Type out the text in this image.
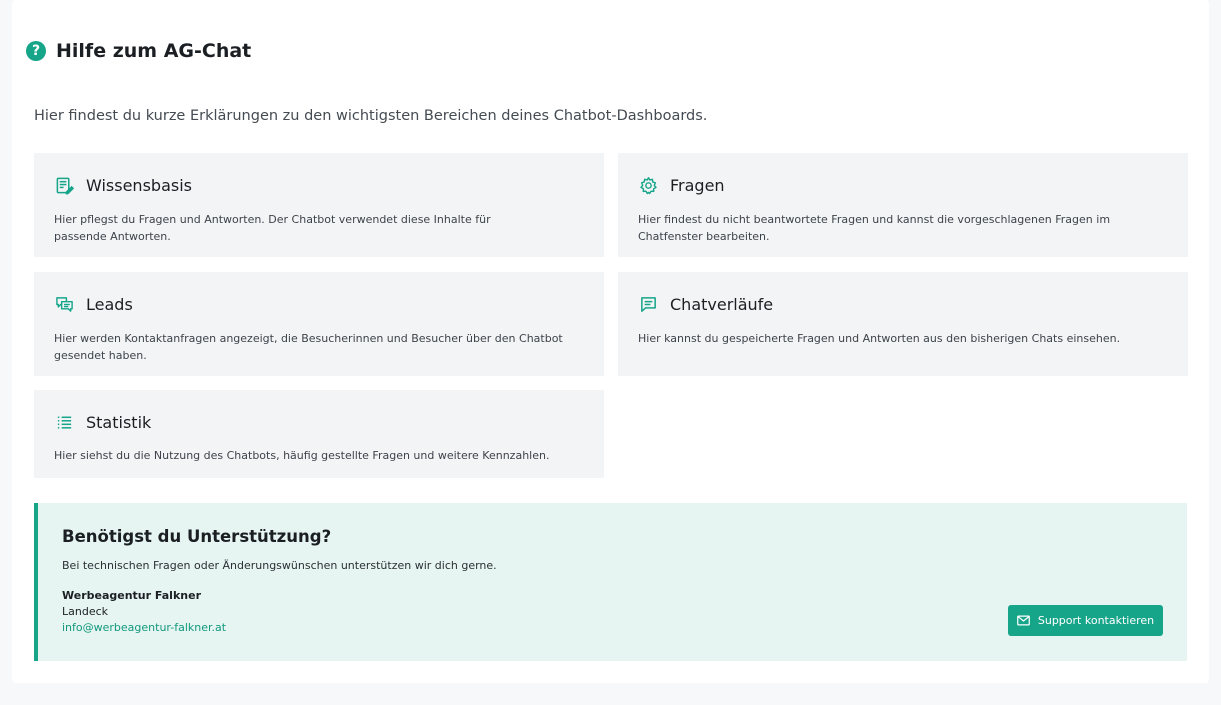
? Hilfe zum AG-Chat

Hier findest du kurze Erklärungen zu den wichtigsten Bereichen deines Chatbot-Dashboards.

Wissensbasis

Hier pflegst du Fragen und Antworten. Der Chatbot verwendet diese Inhalte für passende Antworten.

Fragen

Hier findest du nicht beantwortete Fragen und kannst die vorgeschlagenen Fragen im Chatfenster bearbeiten.

Leads

Hier werden Kontaktanfragen angezeigt, die Besucherinnen und Besucher über den Chatbot gesendet haben.

Chatverläufe

Hier kannst du gespeicherte Fragen und Antworten aus den bisherigen Chats einsehen.

Statistik

Hier siehst du die Nutzung des Chatbots, häufig gestellte Fragen und weitere Kennzahlen.

Benötigst du Unterstützung?

Bei technischen Fragen oder Änderungswünschen unterstützen wir dich gerne.

Werbeagentur Falkner

Landeck

info@werbeagentur-falkner.at
Support kontaktieren
